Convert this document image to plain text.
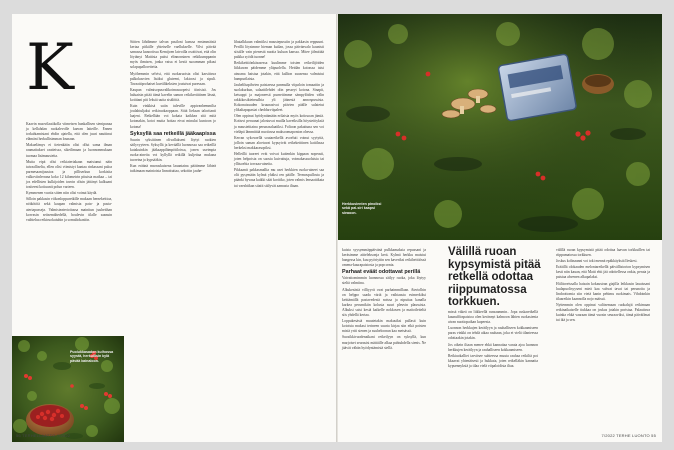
K

Kaavin muovilaatikolla viimeisen hunkallisen sienipunaa ja kellahdan ruokalevolle kaeran latteille. Ennen torkahtamistani ehdin ajatella, että olen juuri nauttinut elämäni herkullisimman lounaan.

Makuelämys ei tietenkään olisi ollut sama ilman raamattukset raatteissa, sikeilimaan ja luonnonmukaan tuomaa lisämausteita.

Mutta eipä olisi retkiateriakaan maistunut näin taivaalliselta, ellen olisi viimistyt kantaa rinkassani paloa parmesaanijuustoa ja pilliserkun korkisita valkoviinlerrana koko 12 kilometrin pituista matkaa – tai jos edellisten kulkijoiden tavoin olisin jättänyt kulkuani tositeeni kotiuunit polun varteen.

Kymmenen vuotta sitten niin olisi voinut käydä.

Silloin pakkasin viikonloppuretkille mukaan hernekeittoa, nötkötöiä sekä kaupan valmista pata- ja pasta-ateriapusseja. Valmisteaterioitussa mainitun juuheithan korvasin seitsemähedellä, boulevin tilalle saanuin vaihtelua retkiruokaiuhin ja somaliokastiin.

Siitten lähdimme talvan pasiloni kanssa ensimmäistä kertaa pitkälle yhteiselle vaellukselle. Vilvi päivää samassa kanootissa Kemijoen latvoilla osoittivat, että olin löytänyt Mattista paitsi elinnonsinen retkikumppanin myös ihmisen, jonka vatsa ei kestä suoamman pikusi solapupalloretteita.

Myöhemmin selvisi, että ruokaruoista olisi karsittava palkokasvien lisäksi gluteeni, laktoosi ja sipuli. Tavaattiprohaiset kuetilikeksien joutuivat puressan.

Kaupan valmisopusvalikoimasuopeisi tiinisisä. Jos haluaisin pitää tämä kavelin samon retkikertittinen läsnä, kotitiani piti leksiä uutta sisälöitä.

Kuin vinkkisä saiin tuleville appivanhemmilta joulahtuljaksi retkiruokaoppaan. Siitä lieksan taloritanti laajeni. Retkellään voi kokata kaikkea sitä mitä kotonakin, kotoi mutta hoitaa eivat minulat kuntoon jo kotona!

Syksyllä saa retkeillä jääkaapissa

Suurin syksittinen olivallakseni löytyi ruokien säilyvyyteen. Syksyllä ja keväällä luonnossa saa retkeillä kutakuinkin jääkaappilämpötiloissa, jonen useimpia ruoka-aineita voi kyllyllä retkillä kuljettaa mukana tuoreina ja kypsääkin.

Kun eräänä marraskuisena lauantaina päätimme lähteä tutkimaan mainioista linnoituttaa, sekoitin jauhe-

lihatalkkuun valmiiksi maustepussiin ja pakkasin reppuuni. Perillä löysimme hieman kuilan, jossa päivänvalo kaunisti siisälle vain pienestä nuoiia kuluan kanssa. Mitee jälmittää paikka syödä tuonne!

Retkikeittiönkäsasessa kuulimme toisten retkeilijöiden liikkuvan päidemme yläpuolella. Heidän koirassa taisi ainoana haistaa jotakin, että kallion suusensa valmistui hampurilaista.

Jauhelihapihvien paistaessa panmulla viipaloin tomaattin ja suolakurkun, salaattilehdet olin pesseyt kotona. Sinapit, ketsuppi ja majoneesit purnettimme sämpylöiden välin rakkikosikteinsulhia yli jäänestä annospussista. Kokonaisuuden kruunasivat päivien päälle sulatetut ylikaltapapasiat cheddarviipaleet.

Olen oppinut hyödyntämään erilaisia myös kotiruoan jämiä. Kotiuvi peruunat jalostuvat muilla kaveiksilla höysteittyksiä ja mausteittaina perunasalaatiksi. Folioon pakattuna sen voi vieläpä lämmittää nuotiossa maksoomaponton ohessa.

Kerran sykovaellä soutaretkellä avoeluti voinut syytyttä, jolloin saman aloetuvat kypsyivät retkeketttinen kattilassa herkeksi makkarasopiksi.

Helleillä tuoreet evät voivat kuitenkin kippaan nopeasti, joten helpoista on suosia kuivattuja, voimakassuolaisia tai ylläsoehia torvaaa-aineita.

Pikkaanit pakkasmallia mu uset herkkien ruoka-aineet saa olit pysymään kylmä yhäksi ren päälle. Termospullosta ja päänki hyvaaa kaikki säät koritiko, joten valmis lensaattikata tai vaeshtikan siiatit säilyvät aamusta iltaan.

Puolukkasadon kulhossa syystä, herkullisin kylä pävää kainaloon.
56 TERHELLAATTO 7/2022
Herkkusienten pinoiksi sekä pai-siri kaapsi sieaoon.

kuista syysymmäppäivänä pulkkamaksia repussani ja keräsimme aitteleksonja kerä. Kylmä herkku maistui hangessa kin, kuu pyöriyttin sen kaveriksi retkiheittiössä omena-kaurapaistosta ja popcornia.

Parhaat eväät odottavat perillä

Vaivattomimmin luonnossa säilyy ruoka, joka löytyy sieltä valmiina.

Alkukesästä villiyyrit ovat parhaimmillaan. Ateriolhin on helppo saada väriä ja vaihtaasta esimerkiksi keittämällä pastavedestä noissa ja niputtaa kanalla karkea perumikiin kolusta suuri pleuvin plaussista. Alkuksi saisi kesiä kaikelle nokkosen ja maitoileiteltä siis yhdellä kertaa.

Loppukesästä muutetakin makusiksi pallasit kuin kotoisia mukasi terineen suurta kirjaa siin eikä poisten mistä yrtti sienen ja suuheloonun kaa metsässä.

Suosikkivuodenaikani retkeilyyn on syksyllä, kun marjoiset seurasist mättäille alkaa pahtuhdella sienis. Ne jäävät vähän hyödyntämistä siellä.

Välillä ruoan kypsymistä pitää retkellä odottaa riippumatossa torkkuen.

missä väkeä on liikkeellä runsaammin.. Jopa ruskaretkellä kaunuffiinpaistoa olen kerännyt kalmoon lähten ruokasienia aivan nuotiopaikan kupeesta.

Luonnon herkkujen keräilyyn ja rauhalliseen kokkaamiseen paras vinkki on tehdä aikaa rauhaan, joka ei vielä tilanteessa odottaakin jotakin.

Jos oikein iltaan menee ehkä kannattaa varata ajoa luonnon herkkujen keräilyyn ja rauhalliseen kokkaamiseen.

Retkiuokalliet tarvitsee suhteessa muuta rauhaa retkiltä poi kkaavat yhtenäisesti ja hukkata, joten retkelläkin kannatta kypsennyksiä ja tilaa vielä viipaloidista iltaa.

välillä ruoan kypsymistä pitää odottaa laavun torkkuillen tai riippumatossa torkkuen.

Joskus kolinaanni voi toki mennä epäkkäyksiä lleskesi.

Erääillä olokauden melontaretkellä päivällistorion kypsymisen kesti niin kauan, että Matti ehti jää odottellessa onkia, perata ja paistaa ahvenen alkupalaksi.

Hiilitoreissalla haisain kokaustran giajilla leikkasin lauaissani luulapuolisyyseni mieä kaa vahvat tavat tai perunoita ja lindoottomia siin vietä kanin pehimu ruokimais. Vihdoinkin tilaaretkin kaannolla nojo mäissä.

Nyttemmin olen oppinut valitsemaan ruokalajit retkimaan retkinaikaiselle tiukkaa on joskus jotakin poristaa. Palauttava kuinka ehkä vaaraan tämä vuosin seuraaviksi, tämä päiväilmat tai ikä ja sen.

7/2022 TERHE LUONTO 55
